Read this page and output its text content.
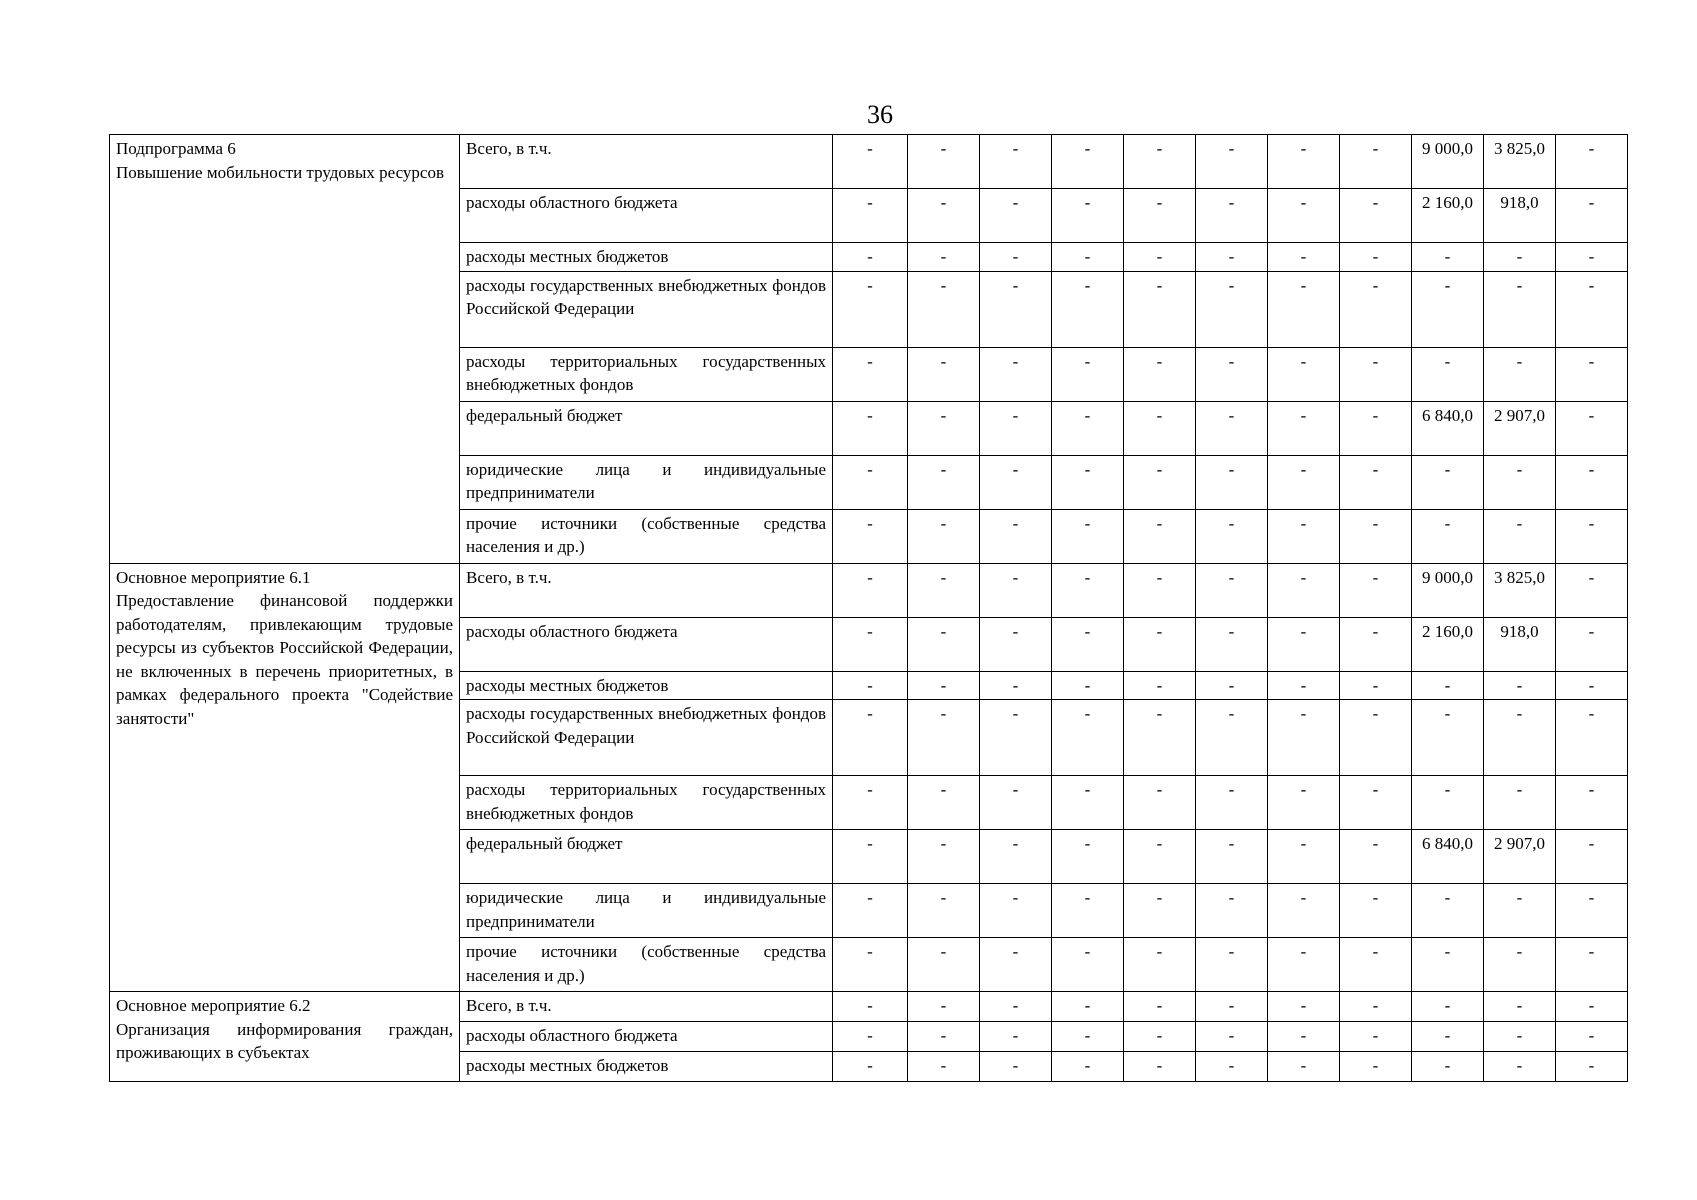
36
Подпрограмма 6
Повышение мобильности трудовых ресурсов	Всего, в т.ч.	-	-	-	-	-	-	-	-	9 000,0	3 825,0	-
	расходы областного бюджета	-	-	-	-	-	-	-	-	2 160,0	918,0	-
	расходы местных бюджетов	-	-	-	-	-	-	-	-	-	-	-
	расходы государственных внебюджетных фондов Российской Федерации	-	-	-	-	-	-	-	-	-	-	-
	расходы территориальных государственных внебюджетных фондов	-	-	-	-	-	-	-	-	-	-	-
	федеральный бюджет	-	-	-	-	-	-	-	-	6 840,0	2 907,0	-
	юридические лица и индивидуальные предприниматели	-	-	-	-	-	-	-	-	-	-	-
	прочие источники (собственные средства населения и др.)	-	-	-	-	-	-	-	-	-	-	-

Основное мероприятие 6.1
Предоставление финансовой поддержки работодателям, привлекающим трудовые ресурсы из субъектов Российской Федерации, не включенных в перечень приоритетных, в рамках федерального проекта "Содействие занятости"	Всего, в т.ч.	-	-	-	-	-	-	-	-	9 000,0	3 825,0	-
	расходы областного бюджета	-	-	-	-	-	-	-	-	2 160,0	918,0	-
	расходы местных бюджетов	-	-	-	-	-	-	-	-	-	-	-
	расходы государственных внебюджетных фондов Российской Федерации	-	-	-	-	-	-	-	-	-	-	-
	расходы территориальных государственных внебюджетных фондов	-	-	-	-	-	-	-	-	-	-	-
	федеральный бюджет	-	-	-	-	-	-	-	-	6 840,0	2 907,0	-
	юридические лица и индивидуальные предприниматели	-	-	-	-	-	-	-	-	-	-	-
	прочие источники (собственные средства населения и др.)	-	-	-	-	-	-	-	-	-	-	-

Основное мероприятие 6.2
Организация информирования граждан, проживающих в субъектах	Всего, в т.ч.	-	-	-	-	-	-	-	-	-	-	-
	расходы областного бюджета	-	-	-	-	-	-	-	-	-	-	-
	расходы местных бюджетов	-	-	-	-	-	-	-	-	-	-	-
